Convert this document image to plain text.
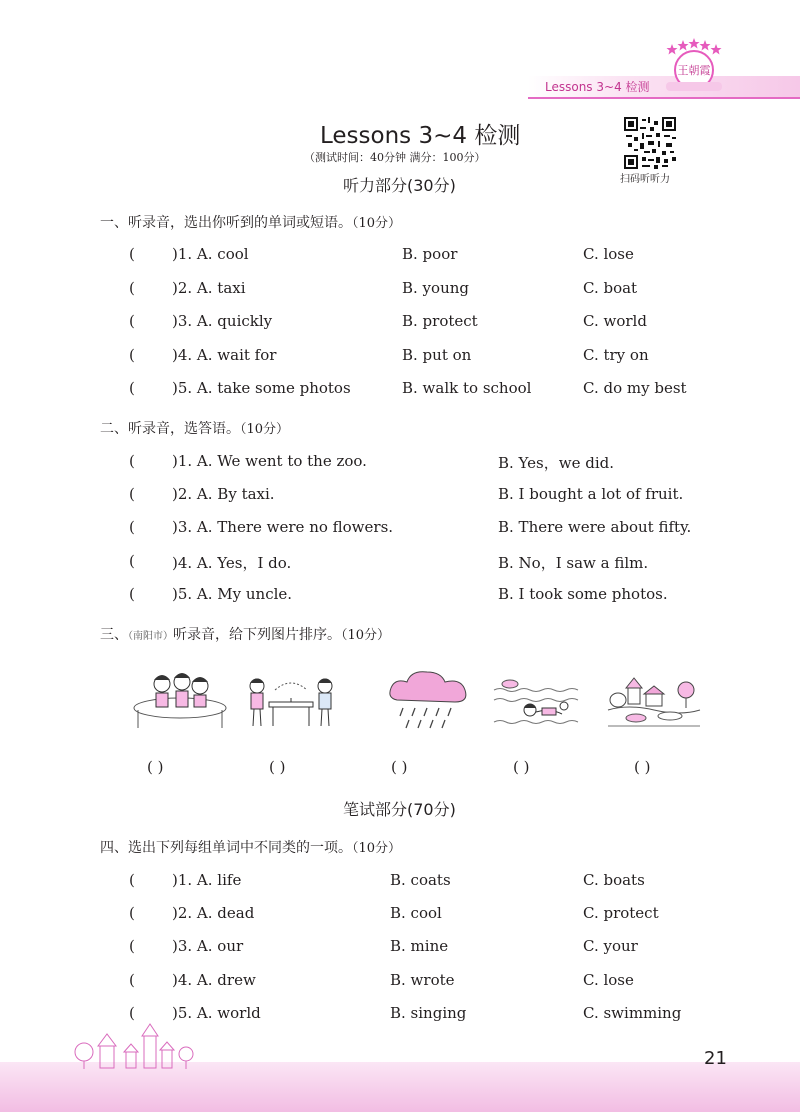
Lessons 3~4 检测
王朝霞
Lessons 3~4 检测
（测试时间：40分钟 满分：100分）
听力部分(30分)	扫码听听力
一、听录音，选出你听到的单词或短语。（10分）
( )1. A. cool	B. poor	C. lose
( )2. A. taxi	B. young	C. boat
( )3. A. quickly	B. protect	C. world
( )4. A. wait for	B. put on	C. try on
( )5. A. take some photos	B. walk to school	C. do my best
二、听录音，选答语。（10分）
( )1. A. We went to the zoo.	B. Yes，we did.
( )2. A. By taxi.	B. I bought a lot of fruit.
( )3. A. There were no flowers.	B. There were about fifty.
( )4. A. Yes，I do.	B. No，I saw a film.
( )5. A. My uncle.	B. I took some photos.
三、（南阳市）听录音，给下列图片排序。（10分）
( )	( )	( )	( )	( )
笔试部分(70分)
四、选出下列每组单词中不同类的一项。（10分）
( )1. A. life	B. coats	C. boats
( )2. A. dead	B. cool	C. protect
( )3. A. our	B. mine	C. your
( )4. A. drew	B. wrote	C. lose
( )5. A. world	B. singing	C. swimming
21
